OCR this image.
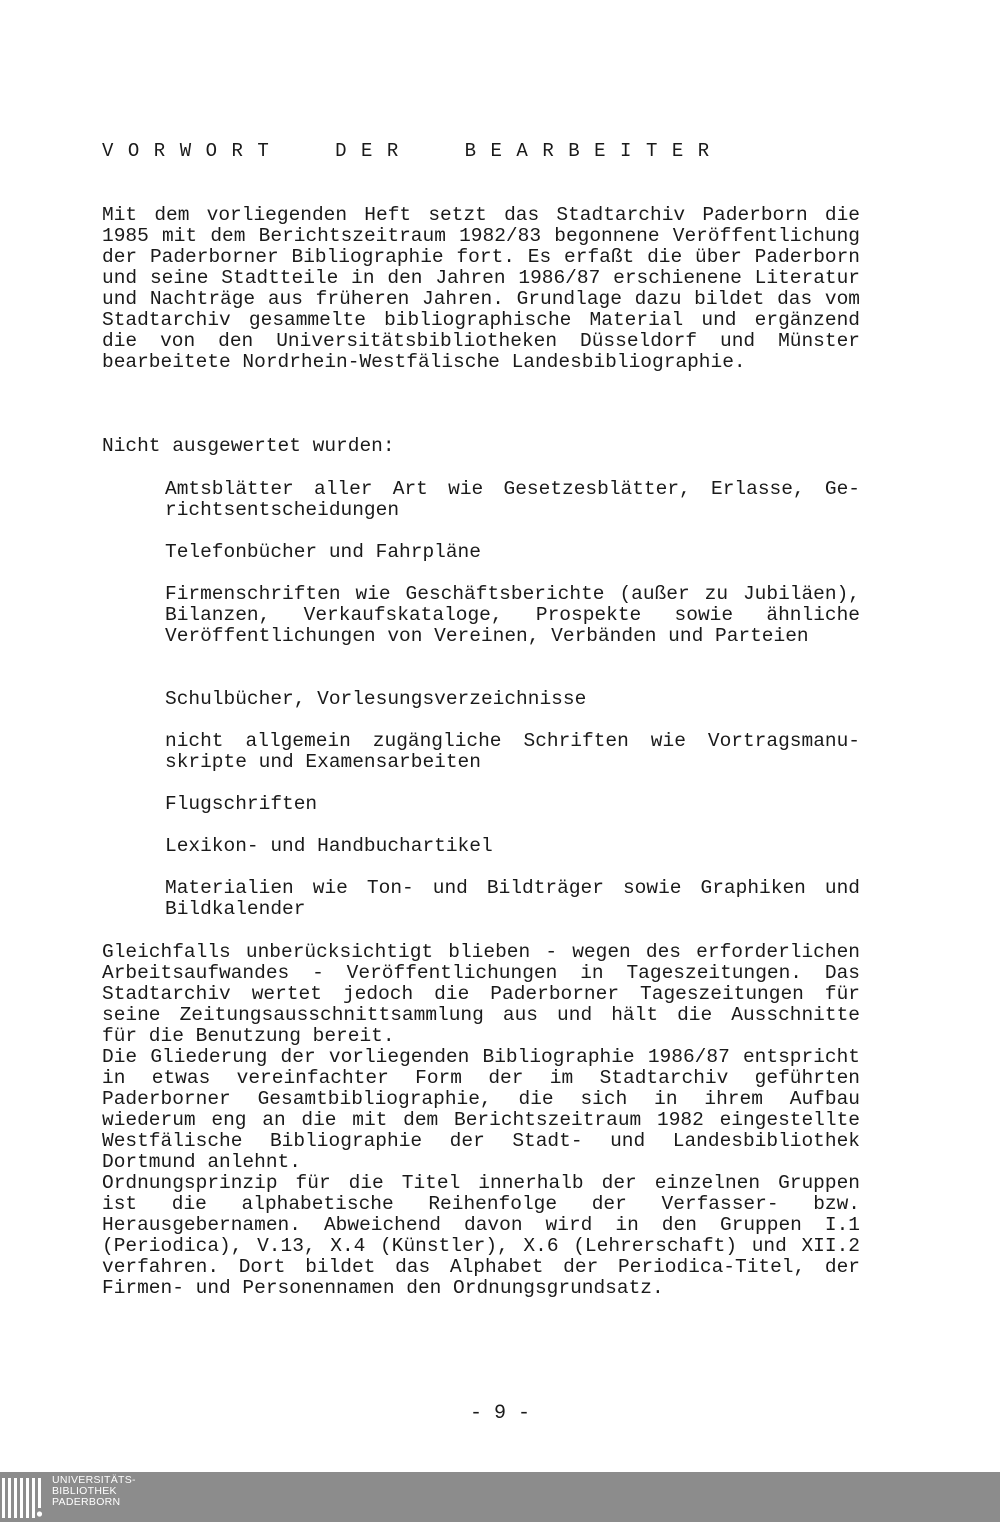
VORWORT  DER  BEARBEITER
Mit dem vorliegenden Heft setzt das Stadtarchiv Paderborn die 1985 mit dem Berichtszeitraum 1982/83 begonnene Veröffentlichung der Paderborner Bibliographie fort. Es erfaßt die über Paderborn und seine Stadtteile in den Jahren 1986/87 erschienene Literatur und Nachträge aus früheren Jahren. Grundlage dazu bildet das vom Stadtarchiv gesammelte bibliographische Material und ergänzend die von den Universitätsbibliotheken Düsseldorf und Münster bearbeitete Nordrhein-Westfälische Landesbibliographie.
Nicht ausgewertet wurden:
Amtsblätter aller Art wie Gesetzesblätter, Erlasse, Gerichtsentscheidungen
Telefonbücher und Fahrpläne
Firmenschriften wie Geschäftsberichte (außer zu Jubiläen), Bilanzen, Verkaufskataloge, Prospekte sowie ähnliche Veröffentlichungen von Vereinen, Verbänden und Parteien
Schulbücher, Vorlesungsverzeichnisse
nicht allgemein zugängliche Schriften wie Vortragsmanuskripte und Examensarbeiten
Flugschriften
Lexikon- und Handbuchartikel
Materialien wie Ton- und Bildträger sowie Graphiken und Bildkalender
Gleichfalls unberücksichtigt blieben - wegen des erforderlichen Arbeitsaufwandes - Veröffentlichungen in Tageszeitungen. Das Stadtarchiv wertet jedoch die Paderborner Tageszeitungen für seine Zeitungsausschnittsammlung aus und hält die Ausschnitte für die Benutzung bereit.
Die Gliederung der vorliegenden Bibliographie 1986/87 entspricht in etwas vereinfachter Form der im Stadtarchiv geführten Paderborner Gesamtbibliographie, die sich in ihrem Aufbau wiederum eng an die mit dem Berichtszeitraum 1982 eingestellte Westfälische Bibliographie der Stadt- und Landesbibliothek Dortmund anlehnt.
Ordnungsprinzip für die Titel innerhalb der einzelnen Gruppen ist die alphabetische Reihenfolge der Verfasser- bzw. Herausgebernamen. Abweichend davon wird in den Gruppen I.1 (Periodica), V.13, X.4 (Künstler), X.6 (Lehrerschaft) und XII.2 verfahren. Dort bildet das Alphabet der Periodica-Titel, der Firmen- und Personennamen den Ordnungsgrundsatz.
- 9 -
UNIVERSITÄTS-
BIBLIOTHEK
PADERBORN
